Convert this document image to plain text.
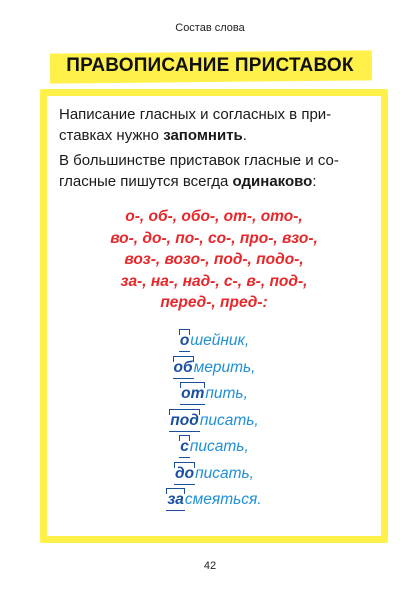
Состав слова
ПРАВОПИСАНИЕ ПРИСТАВОК
Написание гласных и согласных в при-
ставках нужно запомнить.
В большинстве приставок гласные и со-
гласные пишутся всегда одинаково:
о-, об-, обо-, от-, ото-,
во-, до-, по-, со-, про-, взо-,
воз-, возо-, под-, подо-,
за-, на-, над-, с-, в-, под-,
перед-, пред-:
ошейник,
обмерить,
отпить,
подписать,
списать,
дописать,
засмеяться.
42
